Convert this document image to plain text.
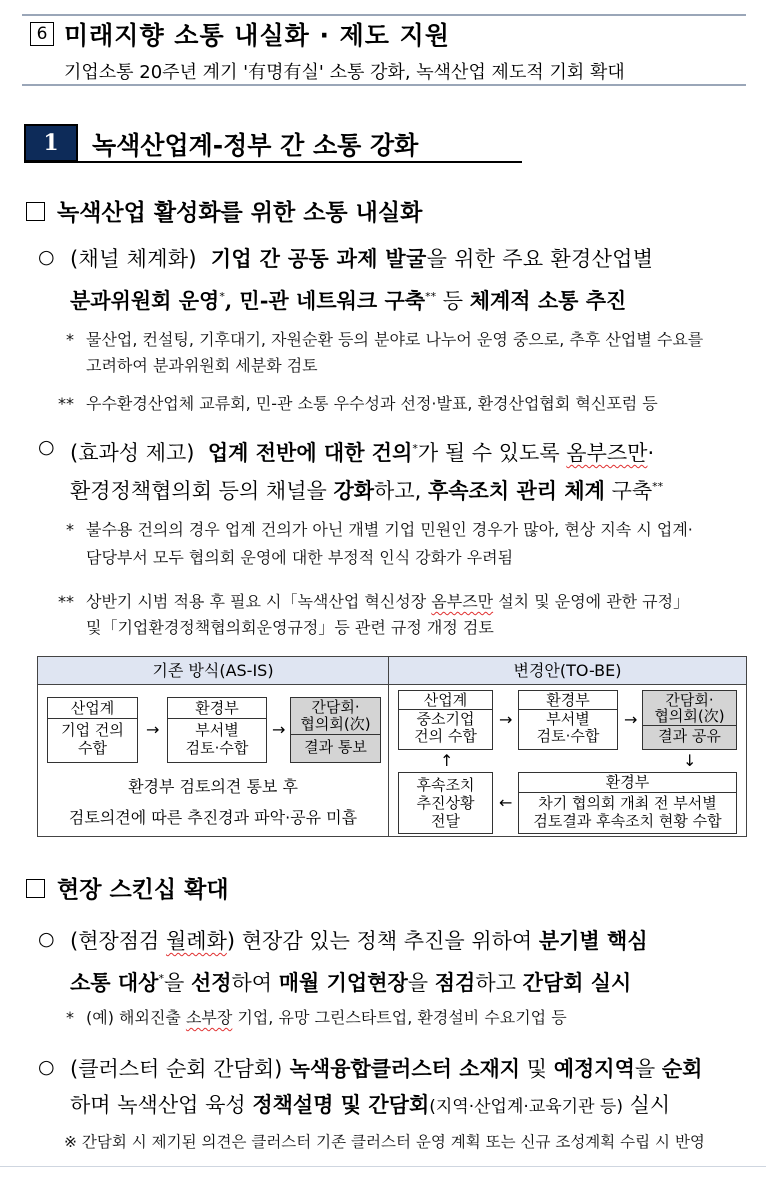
6 미래지향 소통 내실화 · 제도 지원
기업소통 20주년 계기 '有명有실' 소통 강화, 녹색산업 제도적 기회 확대
1	녹색산업계-정부 간 소통 강화
녹색산업 활성화를 위한 소통 내실화
○ (채널 체계화) 기업 간 공동 과제 발굴을 위한 주요 환경산업별
분과위원회 운영*, 민-관 네트워크 구축** 등 체계적 소통 추진
* 물산업, 컨설팅, 기후대기, 자원순환 등의 분야로 나누어 운영 중으로, 추후 산업별 수요를
고려하여 분과위원회 세분화 검토
** 우수환경산업체 교류회, 민-관 소통 우수성과 선정·발표, 환경산업협회 혁신포럼 등
○ (효과성 제고) 업계 전반에 대한 건의*가 될 수 있도록 옴부즈만·
환경정책협의회 등의 채널을 강화하고, 후속조치 관리 체계 구축**
* 불수용 건의의 경우 업계 건의가 아닌 개별 기업 민원인 경우가 많아, 현상 지속 시 업계·
담당부서 모두 협의회 운영에 대한 부정적 인식 강화가 우려됨
** 상반기 시범 적용 후 필요 시「녹색산업 혁신성장 옴부즈만 설치 및 운영에 관한 규정」
및「기업환경정책협의회운영규정」등 관련 규정 개정 검토
기존 방식(AS-IS)	변경안(TO-BE)
산업계
기업 건의
수합
→
환경부
부서별
검토·수합
→
간담회·
협의회(次)
결과 통보
환경부 검토의견 통보 후
검토의견에 따른 추진경과 파악·공유 미흡
산업계
중소기업
건의 수합
→
환경부
부서별
검토·수합
→
간담회·
협의회(次)
결과 공유
↑	↓
후속조치
추진상황
전달
←
환경부
차기 협의회 개최 전 부서별
검토결과 후속조치 현황 수합
현장 스킨십 확대
○ (현장점검 월례화) 현장감 있는 정책 추진을 위하여 분기별 핵심
소통 대상*을 선정하여 매월 기업현장을 점검하고 간담회 실시
* (예) 해외진출 소부장 기업, 유망 그린스타트업, 환경설비 수요기업 등
○ (클러스터 순회 간담회) 녹색융합클러스터 소재지 및 예정지역을 순회
하며 녹색산업 육성 정책설명 및 간담회(지역·산업계·교육기관 등) 실시
※ 간담회 시 제기된 의견은 클러스터 기존 클러스터 운영 계획 또는 신규 조성계획 수립 시 반영
